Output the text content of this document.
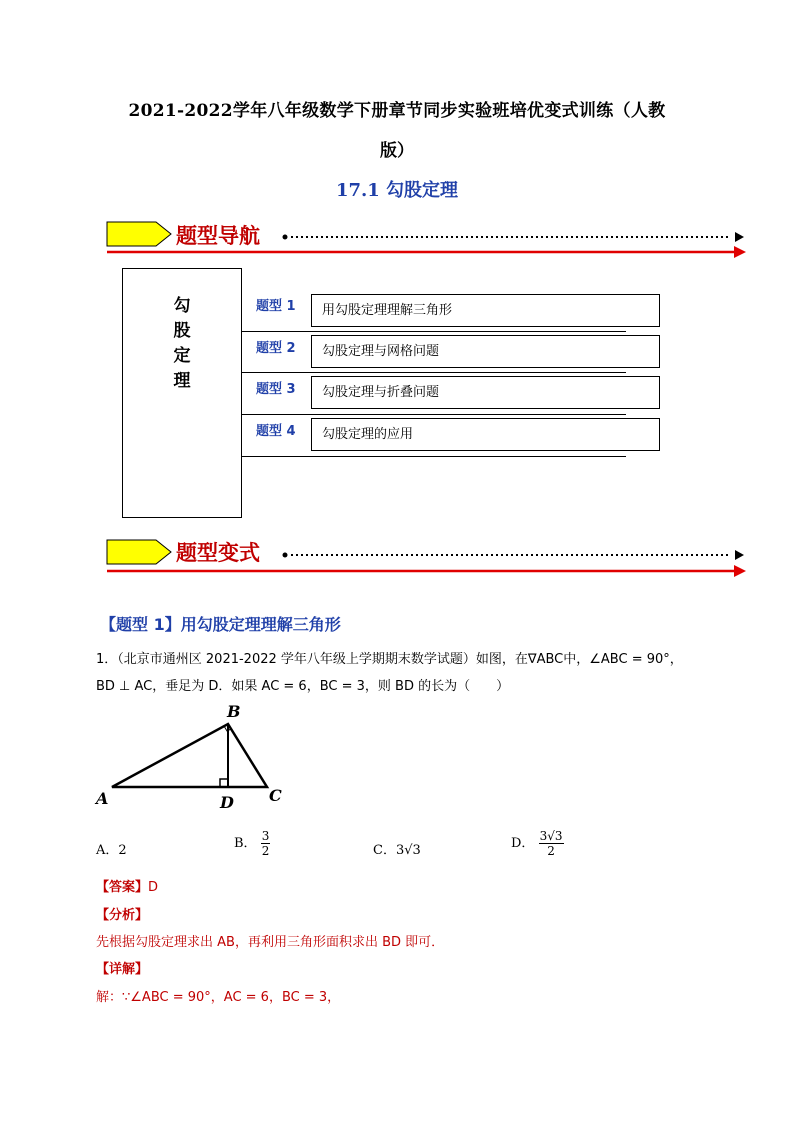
2021-2022学年八年级数学下册章节同步实验班培优变式训练（人教
版）
17.1 勾股定理
题型导航
勾
股
定
理
题型 1	用勾股定理理解三角形
题型 2	勾股定理与网格问题
题型 3	勾股定理与折叠问题
题型 4	勾股定理的应用
题型变式
【题型 1】用勾股定理理解三角形
1．（北京市通州区 2021-2022 学年八年级上学期期末数学试题）如图，在∇ABC中，∠ABC = 90°，
BD ⊥ AC，垂足为 D．如果 AC = 6，BC = 3，则 BD 的长为（　　）
A
B
C
D
A．2	B． $\frac{3}{2}$	C．3√3	D． $\frac{3√3}{2}$
【答案】D
【分析】
先根据勾股定理求出 AB，再利用三角形面积求出 BD 即可．
【详解】
解：∵∠ABC = 90°，AC = 6，BC = 3，
